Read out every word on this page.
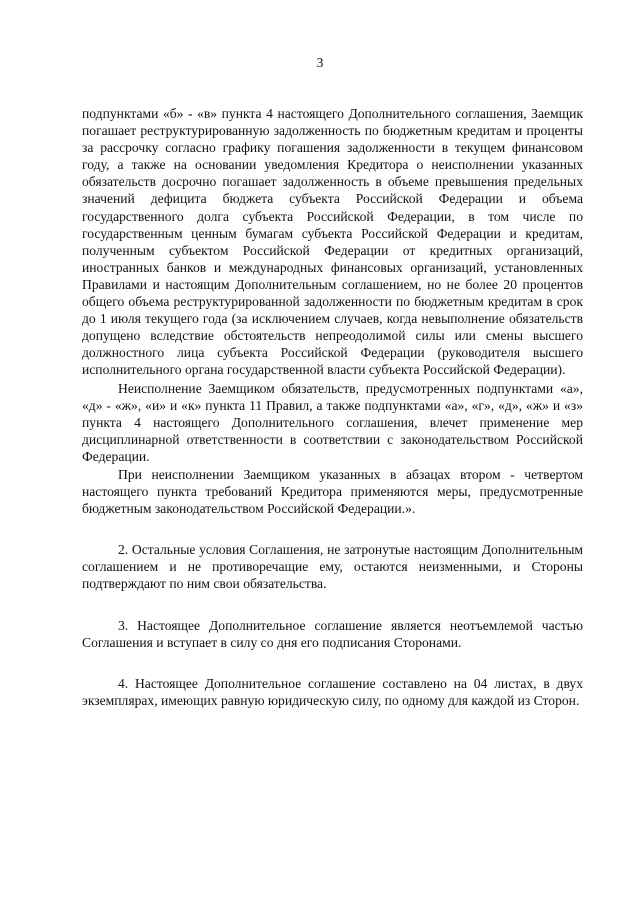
3

подпунктами «б» - «в» пункта 4 настоящего Дополнительного соглашения, Заемщик погашает реструктурированную задолженность по бюджетным кредитам и проценты за рассрочку согласно графику погашения задолженности в текущем финансовом году, а также на основании уведомления Кредитора о неисполнении указанных обязательств досрочно погашает задолженность в объеме превышения предельных значений дефицита бюджета субъекта Российской Федерации и объема государственного долга субъекта Российской Федерации, в том числе по государственным ценным бумагам субъекта Российской Федерации и кредитам, полученным субъектом Российской Федерации от кредитных организаций, иностранных банков и международных финансовых организаций, установленных Правилами и настоящим Дополнительным соглашением, но не более 20 процентов общего объема реструктурированной задолженности по бюджетным кредитам в срок до 1 июля текущего года (за исключением случаев, когда невыполнение обязательств допущено вследствие обстоятельств непреодолимой силы или смены высшего должностного лица субъекта Российской Федерации (руководителя высшего исполнительного органа государственной власти субъекта Российской Федерации).

Неисполнение Заемщиком обязательств, предусмотренных подпунктами «а», «д» - «ж», «и» и «к» пункта 11 Правил, а также подпунктами «а», «г», «д», «ж» и «з» пункта 4 настоящего Дополнительного соглашения, влечет применение мер дисциплинарной ответственности в соответствии с законодательством Российской Федерации.

При неисполнении Заемщиком указанных в абзацах втором - четвертом настоящего пункта требований Кредитора применяются меры, предусмотренные бюджетным законодательством Российской Федерации.».

2. Остальные условия Соглашения, не затронутые настоящим Дополнительным соглашением и не противоречащие ему, остаются неизменными, и Стороны подтверждают по ним свои обязательства.

3. Настоящее Дополнительное соглашение является неотъемлемой частью Соглашения и вступает в силу со дня его подписания Сторонами.

4. Настоящее Дополнительное соглашение составлено на 04 листах, в двух экземплярах, имеющих равную юридическую силу, по одному для каждой из Сторон.
